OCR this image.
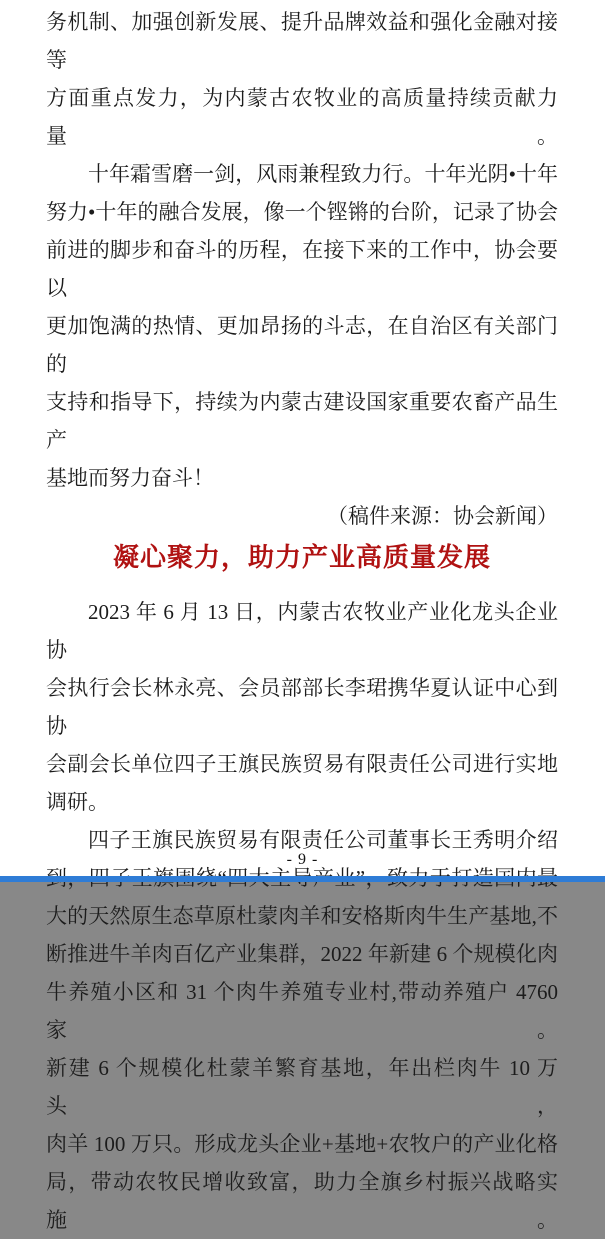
务机制、加强创新发展、提升品牌效益和强化金融对接等
方面重点发力，为内蒙古农牧业的高质量持续贡献力量。
十年霜雪磨一剑，风雨兼程致力行。十年光阴•十年
努力•十年的融合发展，像一个铿锵的台阶，记录了协会
前进的脚步和奋斗的历程，在接下来的工作中，协会要以
更加饱满的热情、更加昂扬的斗志，在自治区有关部门的
支持和指导下，持续为内蒙古建设国家重要农畜产品生产
基地而努力奋斗！
（稿件来源：协会新闻）
凝心聚力，助力产业高质量发展
2023 年 6 月 13 日，内蒙古农牧业产业化龙头企业协
会执行会长林永亮、会员部部长李珺携华夏认证中心到协
会副会长单位四子王旗民族贸易有限责任公司进行实地
调研。
四子王旗民族贸易有限责任公司董事长王秀明介绍
大的天然原生态草原杜蒙肉羊和安格斯肉牛生产基地,不
断推进牛羊肉百亿产业集群，2022 年新建 6 个规模化肉
牛养殖小区和 31 个肉牛养殖专业村,带动养殖户 4760 家。
新建 6 个规模化杜蒙羊繁育基地，年出栏肉牛 10 万头，
肉羊 100 万只。形成龙头企业+基地+农牧户的产业化格
局，带动农牧民增收致富，助力全旗乡村振兴战略实施。
- 9 -
